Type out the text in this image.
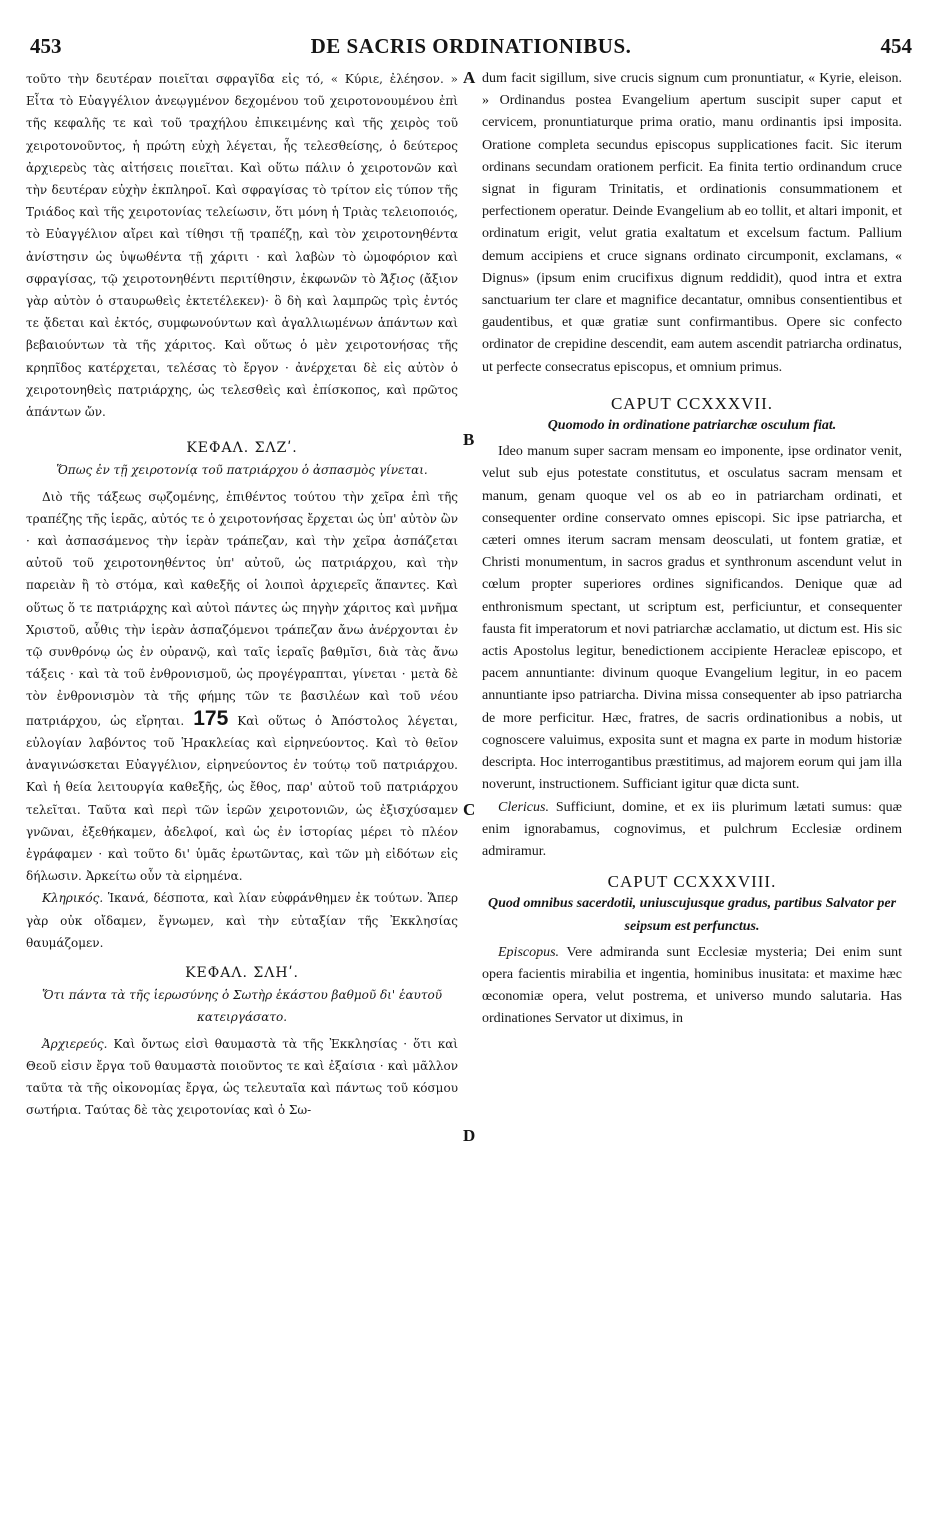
453	DE SACRIS ORDINATIONIBUS.	454

τοῦτο τὴν δευτέραν ποιεῖται σφραγῖδα εἰς τό, « Κύριε, ἐλέησον. » Εἶτα τὸ Εὐαγγέλιον ἀνεῳγμένον δεχομένου τοῦ χειροτονουμένου ἐπὶ τῆς κεφαλῆς τε καὶ τοῦ τραχήλου ἐπικειμένης καὶ τῆς χειρὸς τοῦ χειροτονοῦντος, ἡ πρώτη εὐχὴ λέγεται, ἧς τελεσθείσης, ὁ δεύτερος ἀρχιερεὺς τὰς αἰτήσεις ποιεῖται. Καὶ οὕτω πάλιν ὁ χειροτονῶν καὶ τὴν δευτέραν εὐχὴν ἐκπληροῖ. Καὶ σφραγίσας τὸ τρίτον εἰς τύπον τῆς Τριάδος καὶ τῆς χειροτονίας τελείωσιν, ὅτι μόνη ἡ Τριὰς τελειοποιός, τὸ Εὐαγγέλιον αἴρει καὶ τίθησι τῇ τραπέζῃ, καὶ τὸν χειροτονηθέντα ἀνίστησιν ὡς ὑψωθέντα τῇ χάριτι · καὶ λαβὼν τὸ ὠμοφόριον καὶ σφραγίσας, τῷ χειροτονηθέντι περιτίθησιν, ἐκφωνῶν τὸ Ἄξιος (ἄξιον γὰρ αὐτὸν ὁ σταυρωθεὶς ἐκτετέλεκεν)· ὃ δὴ καὶ λαμπρῶς τρὶς ἐντός τε ᾄδεται καὶ ἐκτός, συμφωνούντων καὶ ἀγαλλιωμένων ἁπάντων καὶ βεβαιούντων τὰ τῆς χάριτος. Καὶ οὕτως ὁ μὲν χειροτονήσας τῆς κρηπῖδος κατέρχεται, τελέσας τὸ ἔργον · ἀνέρχεται δὲ εἰς αὐτὸν ὁ χειροτονηθεὶς πατριάρχης, ὡς τελεσθεὶς καὶ ἐπίσκοπος, καὶ πρῶτος ἁπάντων ὤν.

ΚΕΦΑΛ. ΣΛΖʹ.
Ὅπως ἐν τῇ χειροτονίᾳ τοῦ πατριάρχου ὁ ἀσπασμὸς γίνεται.

Διὸ τῆς τάξεως σῳζομένης, ἐπιθέντος τούτου τὴν χεῖρα ἐπὶ τῆς τραπέζης τῆς ἱερᾶς, αὐτός τε ὁ χειροτονήσας ἔρχεται ὡς ὑπ' αὐτὸν ὢν · καὶ ἀσπασάμενος τὴν ἱερὰν τράπεζαν, καὶ τὴν χεῖρα ἀσπάζεται αὐτοῦ τοῦ χειροτονηθέντος ὑπ' αὐτοῦ, ὡς πατριάρχου, καὶ τὴν παρειὰν ἢ τὸ στόμα, καὶ καθεξῆς οἱ λοιποὶ ἀρχιερεῖς ἅπαντες. Καὶ οὕτως ὅ τε πατριάρχης καὶ αὐτοὶ πάντες ὡς πηγὴν χάριτος καὶ μνῆμα Χριστοῦ, αὖθις τὴν ἱερὰν ἀσπαζόμενοι τράπεζαν ἄνω ἀνέρχονται ἐν τῷ συνθρόνῳ ὡς ἐν οὐρανῷ, καὶ ταῖς ἱεραῖς βαθμῖσι, διὰ τὰς ἄνω τάξεις · καὶ τὰ τοῦ ἐνθρονισμοῦ, ὡς προγέγραπται, γίνεται · μετὰ δὲ τὸν ἐνθρονισμὸν τὰ τῆς φήμης τῶν τε βασιλέων καὶ τοῦ νέου πατριάρχου, ὡς εἴρηται. 175 Καὶ οὕτως ὁ Ἀπόστολος λέγεται, εὐλογίαν λαβόντος τοῦ Ἡρακλείας καὶ εἰρηνεύοντος. Καὶ τὸ θεῖον ἀναγινώσκεται Εὐαγγέλιον, εἰρηνεύοντος ἐν τούτῳ τοῦ πατριάρχου. Καὶ ἡ θεία λειτουργία καθεξῆς, ὡς ἔθος, παρ' αὐτοῦ τοῦ πατριάρχου τελεῖται. Ταῦτα καὶ περὶ τῶν ἱερῶν χειροτονιῶν, ὡς ἐξισχύσαμεν γνῶναι, ἐξεθήκαμεν, ἀδελφοί, καὶ ὡς ἐν ἱστορίας μέρει τὸ πλέον ἐγράφαμεν · καὶ τοῦτο δι' ὑμᾶς ἐρωτῶντας, καὶ τῶν μὴ εἰδότων εἰς δήλωσιν. Ἀρκείτω οὖν τὰ εἰρημένα.

Κληρικός. Ἱκανά, δέσποτα, καὶ λίαν εὐφράνθημεν ἐκ τούτων. Ἅπερ γὰρ οὐκ οἴδαμεν, ἔγνωμεν, καὶ τὴν εὐταξίαν τῆς Ἐκκλησίας θαυμάζομεν.

ΚΕΦΑΛ. ΣΛΗʹ.
Ὅτι πάντα τὰ τῆς ἱερωσύνης ὁ Σωτὴρ ἑκάστου βαθμοῦ δι' ἑαυτοῦ κατειργάσατο.

Ἀρχιερεύς. Καὶ ὄντως εἰσὶ θαυμαστὰ τὰ τῆς Ἐκκλησίας · ὅτι καὶ Θεοῦ εἰσιν ἔργα τοῦ θαυμαστὰ ποιοῦντος τε καὶ ἐξαίσια · καὶ μᾶλλον ταῦτα τὰ τῆς οἰκονομίας ἔργα, ὡς τελευταῖα καὶ πάντως τοῦ κόσμου σωτήρια. Ταύτας δὲ τὰς χειροτονίας καὶ ὁ Σω-

A
B
C
D

dum facit sigillum, sive crucis signum cum pronuntiatur, « Kyrie, eleison. » Ordinandus postea Evangelium apertum suscipit super caput et cervicem, pronuntiaturque prima oratio, manu ordinantis ipsi imposita. Oratione completa secundus episcopus supplicationes facit. Sic iterum ordinans secundam orationem perficit. Ea finita tertio ordinandum cruce signat in figuram Trinitatis, et ordinationis consummationem et perfectionem operatur. Deinde Evangelium ab eo tollit, et altari imponit, et ordinatum erigit, velut gratia exaltatum et excelsum factum. Pallium demum accipiens et cruce signans ordinato circumponit, exclamans, « Dignus» (ipsum enim crucifixus dignum reddidit), quod intra et extra sanctuarium ter clare et magnifice decantatur, omnibus consentientibus et gaudentibus, et quæ gratiæ sunt confirmantibus. Opere sic confecto ordinator de crepidine descendit, eam autem ascendit patriarcha ordinatus, ut perfecte consecratus episcopus, et omnium primus.

CAPUT CCXXXVII.
Quomodo in ordinatione patriarchæ osculum fiat.

Ideo manum super sacram mensam eo imponente, ipse ordinator venit, velut sub ejus potestate constitutus, et osculatus sacram mensam et manum, genam quoque vel os ab eo in patriarcham ordinati, et consequenter ordine conservato omnes episcopi. Sic ipse patriarcha, et cæteri omnes iterum sacram mensam deosculati, ut fontem gratiæ, et Christi monumentum, in sacros gradus et synthronum ascendunt velut in cœlum propter superiores ordines significandos. Denique quæ ad enthronismum spectant, ut scriptum est, perficiuntur, et consequenter fausta fit imperatorum et novi patriarchæ acclamatio, ut dictum est. His sic actis Apostolus legitur, benedictionem accipiente Heracleæ episcopo, et pacem annuntiante: divinum quoque Evangelium legitur, in eo pacem annuntiante ipso patriarcha. Divina missa consequenter ab ipso patriarcha de more perficitur. Hæc, fratres, de sacris ordinationibus a nobis, ut cognoscere valuimus, exposita sunt et magna ex parte in modum historiæ descripta. Hoc interrogantibus præstitimus, ad majorem eorum qui jam illa noverunt, instructionem. Sufficiant igitur quæ dicta sunt.

Clericus. Sufficiunt, domine, et ex iis plurimum lætati sumus: quæ enim ignorabamus, cognovimus, et pulchrum Ecclesiæ ordinem admiramur.

CAPUT CCXXXVIII.
Quod omnibus sacerdotii, uniuscujusque gradus, partibus Salvator per seipsum est perfunctus.

Episcopus. Vere admiranda sunt Ecclesiæ mysteria; Dei enim sunt opera facientis mirabilia et ingentia, hominibus inusitata: et maxime hæc œconomiæ opera, velut postrema, et universo mundo salutaria. Has ordinationes Servator ut diximus, in
